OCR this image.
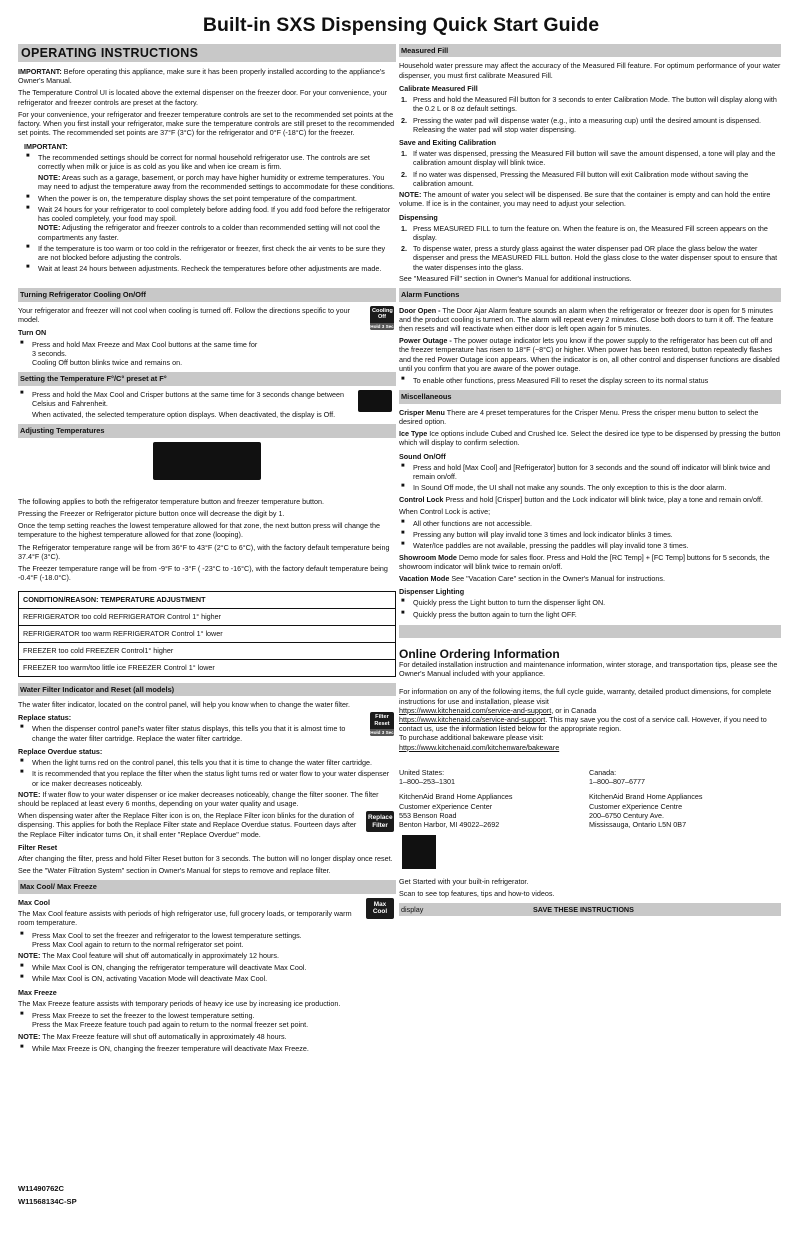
Built-in SXS Dispensing Quick Start Guide
OPERATING INSTRUCTIONS

IMPORTANT: Before operating this appliance, make sure it has been properly installed according to the appliance's Owner's Manual.

The Temperature Control UI is located above the external dispenser on the freezer door. For your convenience, your refrigerator and freezer controls are preset at the factory.

For your convenience, your refrigerator and freezer temperature controls are set to the recommended set points at the factory. When you first install your refrigerator, make sure the temperature controls are still preset to the recommended set points. The recommended set points are 37°F (3°C) for the refrigerator and 0°F (-18°C) for the freezer.

IMPORTANT:
■ The recommended settings should be correct for normal household refrigerator use. The controls are set correctly when milk or juice is as cold as you like and when ice cream is firm.
NOTE: Areas such as a garage, basement, or porch may have higher humidity or extreme temperatures. You may need to adjust the temperature away from the recommended settings to accommodate for these conditions.
■ When the power is on, the temperature display shows the set point temperature of the compartment.
■ Wait 24 hours for your refrigerator to cool completely before adding food. If you add food before the refrigerator has cooled completely, your food may spoil.
NOTE: Adjusting the refrigerator and freezer controls to a colder than recommended setting will not cool the compartments any faster.
■ If the temperature is too warm or too cold in the refrigerator or freezer, first check the air vents to be sure they are not blocked before adjusting the controls.
■ Wait at least 24 hours between adjustments. Recheck the temperatures before other adjustments are made.
Turning Refrigerator Cooling On/Off
Cooling Off
Hold 3 Sec

Your refrigerator and freezer will not cool when cooling is turned off. Follow the directions specific to your model.

Turn ON
■ Press and hold Max Freeze and Max Cool buttons at the same time for
3 seconds.
Cooling Off button blinks twice and remains on.
Setting the Temperature F°/C° preset at F°
■ Press and hold the Max Cool and Crisper buttons at the same time for 3 seconds change between Celsius and Fahrenheit.

When activated, the selected temperature option displays. When deactivated, the display is Off.

Adjusting Temperatures

The following applies to both the refrigerator temperature button and freezer temperature button.

Pressing the Freezer or Refrigerator picture button once will decrease the digit by 1.

Once the temp setting reaches the lowest temperature allowed for that zone, the next button press will change the temperature to the highest temperature allowed for that zone (looping).

The Refrigerator temperature range will be from 36°F to 43°F (2°C to 6°C), with the factory default temperature being 37.4°F (3°C).

The Freezer temperature range will be from -9°F to -3°F ( -23°C to -16°C), with the factory default temperature being -0.4°F (-18.0°C).

CONDITION/REASON: TEMPERATURE ADJUSTMENT
REFRIGERATOR too cold REFRIGERATOR Control 1° higher
REFRIGERATOR too warm REFRIGERATOR Control 1° lower
FREEZER too cold FREEZER Control1° higher
FREEZER too warm/too little ice FREEZER Control 1° lower
Water Filter Indicator and Reset (all models)

The water filter indicator, located on the control panel, will help you know when to change the water filter.

Filter Reset
Hold 3 Sec
Replace status:
■ When the dispenser control panel's water filter status displays, this tells you that it is almost time to change the water filter cartridge. Replace the water filter cartridge.
Replace Overdue status:
■ When the light turns red on the control panel, this tells you that it is time to change the water filter cartridge.
■ It is recommended that you replace the filter when the status light turns red or water flow to your water dispenser or ice maker decreases noticeably.

NOTE: If water flow to your water dispenser or ice maker decreases noticeably, change the filter sooner. The filter should be replaced at least every 6 months, depending on your water quality and usage.

Replace Filter

When dispensing water after the Replace Filter icon is on, the Replace Filter icon blinks for the duration of dispensing. This applies for both the Replace Filter state and Replace Overdue status. Fourteen days after the Replace Filter indicator turns On, it shall enter "Replace Overdue" mode.

Filter Reset

After changing the filter, press and hold Filter Reset button for 3 seconds. The button will no longer display once reset.

See the "Water Filtration System" section in Owner's Manual for steps to remove and replace filter.

Max Cool/ Max Freeze
Max Cool
Max Cool

The Max Cool feature assists with periods of high refrigerator use, full grocery loads, or temporarily warm room temperature.

■ Press Max Cool to set the freezer and refrigerator to the lowest temperature settings.
Press Max Cool again to return to the normal refrigerator set point.

NOTE: The Max Cool feature will shut off automatically in approximately 12 hours.

■ While Max Cool is ON, changing the refrigerator temperature will deactivate Max Cool.
■ While Max Cool is ON, activating Vacation Mode will deactivate Max Cool.
Max Freeze

The Max Freeze feature assists with temporary periods of heavy ice use by increasing ice production.

■ Press Max Freeze to set the freezer to the lowest temperature setting.
Press the Max Freeze feature touch pad again to return to the normal freezer set point.

NOTE: The Max Freeze feature will shut off automatically in approximately 48 hours.

■ While Max Freeze is ON, changing the freezer temperature will deactivate Max Freeze.
Measured Fill

Household water pressure may affect the accuracy of the Measured Fill feature. For optimum performance of your water dispenser, you must first calibrate Measured Fill.

Calibrate Measured Fill
1. Press and hold the Measured Fill button for 3 seconds to enter Calibration Mode. The button will display along with the 0.2 L or 8 oz default settings.
2. Pressing the water pad will dispense water (e.g., into a measuring cup) until the desired amount is dispensed. Releasing the water pad will stop water dispensing.
Save and Exiting Calibration
1. If water was dispensed, pressing the Measured Fill button will save the amount dispensed, a tone will play and the calibration amount display will blink twice.
2. If no water was dispensed, Pressing the Measured Fill button will exit Calibration mode without saving the calibration amount.

NOTE: The amount of water you select will be dispensed. Be sure that the container is empty and can hold the entire volume. If ice is in the container, you may need to adjust your selection.

Dispensing
1. Press MEASURED FILL to turn the feature on. When the feature is on, the Measured Fill screen appears on the display.
2. To dispense water, press a sturdy glass against the water dispenser pad OR place the glass below the water dispenser and press the MEASURED FILL button. Hold the glass close to the water dispenser spout to ensure that the water dispenses into the glass.

See "Measured Fill" section in Owner's Manual for additional instructions.

Alarm Functions

Door Open - The Door Ajar Alarm feature sounds an alarm when the refrigerator or freezer door is open for 5 minutes and the product cooling is turned on. The alarm will repeat every 2 minutes. Close both doors to turn it off. The feature then resets and will reactivate when either door is left open again for 5 minutes.

Power Outage - The power outage indicator lets you know if the power supply to the refrigerator has been cut off and the freezer temperature has risen to 18°F (−8°C) or higher. When power has been restored, button repeatedly flashes and the red Power Outage icon appears. When the indicator is on, all other control and dispenser functions are disabled until you confirm that you are aware of the power outage.

■ To enable other functions, press Measured Fill to reset the display screen to its normal status
Miscellaneous

Crisper Menu There are 4 preset temperatures for the Crisper Menu. Press the crisper menu button to select the desired option.

Ice Type Ice options include Cubed and Crushed Ice. Select the desired ice type to be dispensed by pressing the button which will display to confirm selection.

Sound On/Off
■ Press and hold [Max Cool] and [Refrigerator] button for 3 seconds and the sound off indicator will blink twice and remain on/off.
■ In Sound Off mode, the UI shall not make any sounds. The only exception to this is the door alarm.

Control Lock Press and hold [Crisper] button and the Lock indicator will blink twice, play a tone and remain on/off.

When Control Lock is active;

■ All other functions are not accessible.
■ Pressing any button will play invalid tone 3 times and lock indicator blinks 3 times.
■ Water/Ice paddles are not available, pressing the paddles will play invalid tone 3 times.

Showroom Mode Demo mode for sales floor. Press and Hold the [RC Temp] + [FC Temp] buttons for 5 seconds, the showroom indicator will blink twice to remain on/off.

Vacation Mode See "Vacation Care" section in the Owner's Manual for instructions.

Dispenser Lighting
■ Quickly press the Light button to turn the dispenser light ON.
■ Quickly press the button again to turn the light OFF.
Online Ordering Information

For detailed installation instruction and maintenance information, winter storage, and transportation tips, please see the Owner's Manual included with your appliance.

For information on any of the following items, the full cycle guide, warranty, detailed product dimensions, for complete instructions for use and installation, please visit
https://www.kitchenaid.com/service-and-support, or in Canada
https://www.kitchenaid.ca/service-and-support. This may save you the cost of a service call. However, if you need to contact us, use the information listed below for the appropriate region.
To purchase additional bakeware please visit:
https://www.kitchenaid.com/kitchenware/bakeware

United States:
1–800–253–1301
Canada:
1–800–807–6777
KitchenAid Brand Home Appliances
Customer eXperience Center
553 Benson Road
Benton Harbor, MI 49022–2692
KitchenAid Brand Home Appliances
Customer eXperience Centre
200–6750 Century Ave.
Mississauga, Ontario L5N 0B7

Get Started with your built-in refrigerator.

Scan to see top features, tips and how-to videos.

display	SAVE THESE INSTRUCTIONS
W11490762C
W11568134C-SP
